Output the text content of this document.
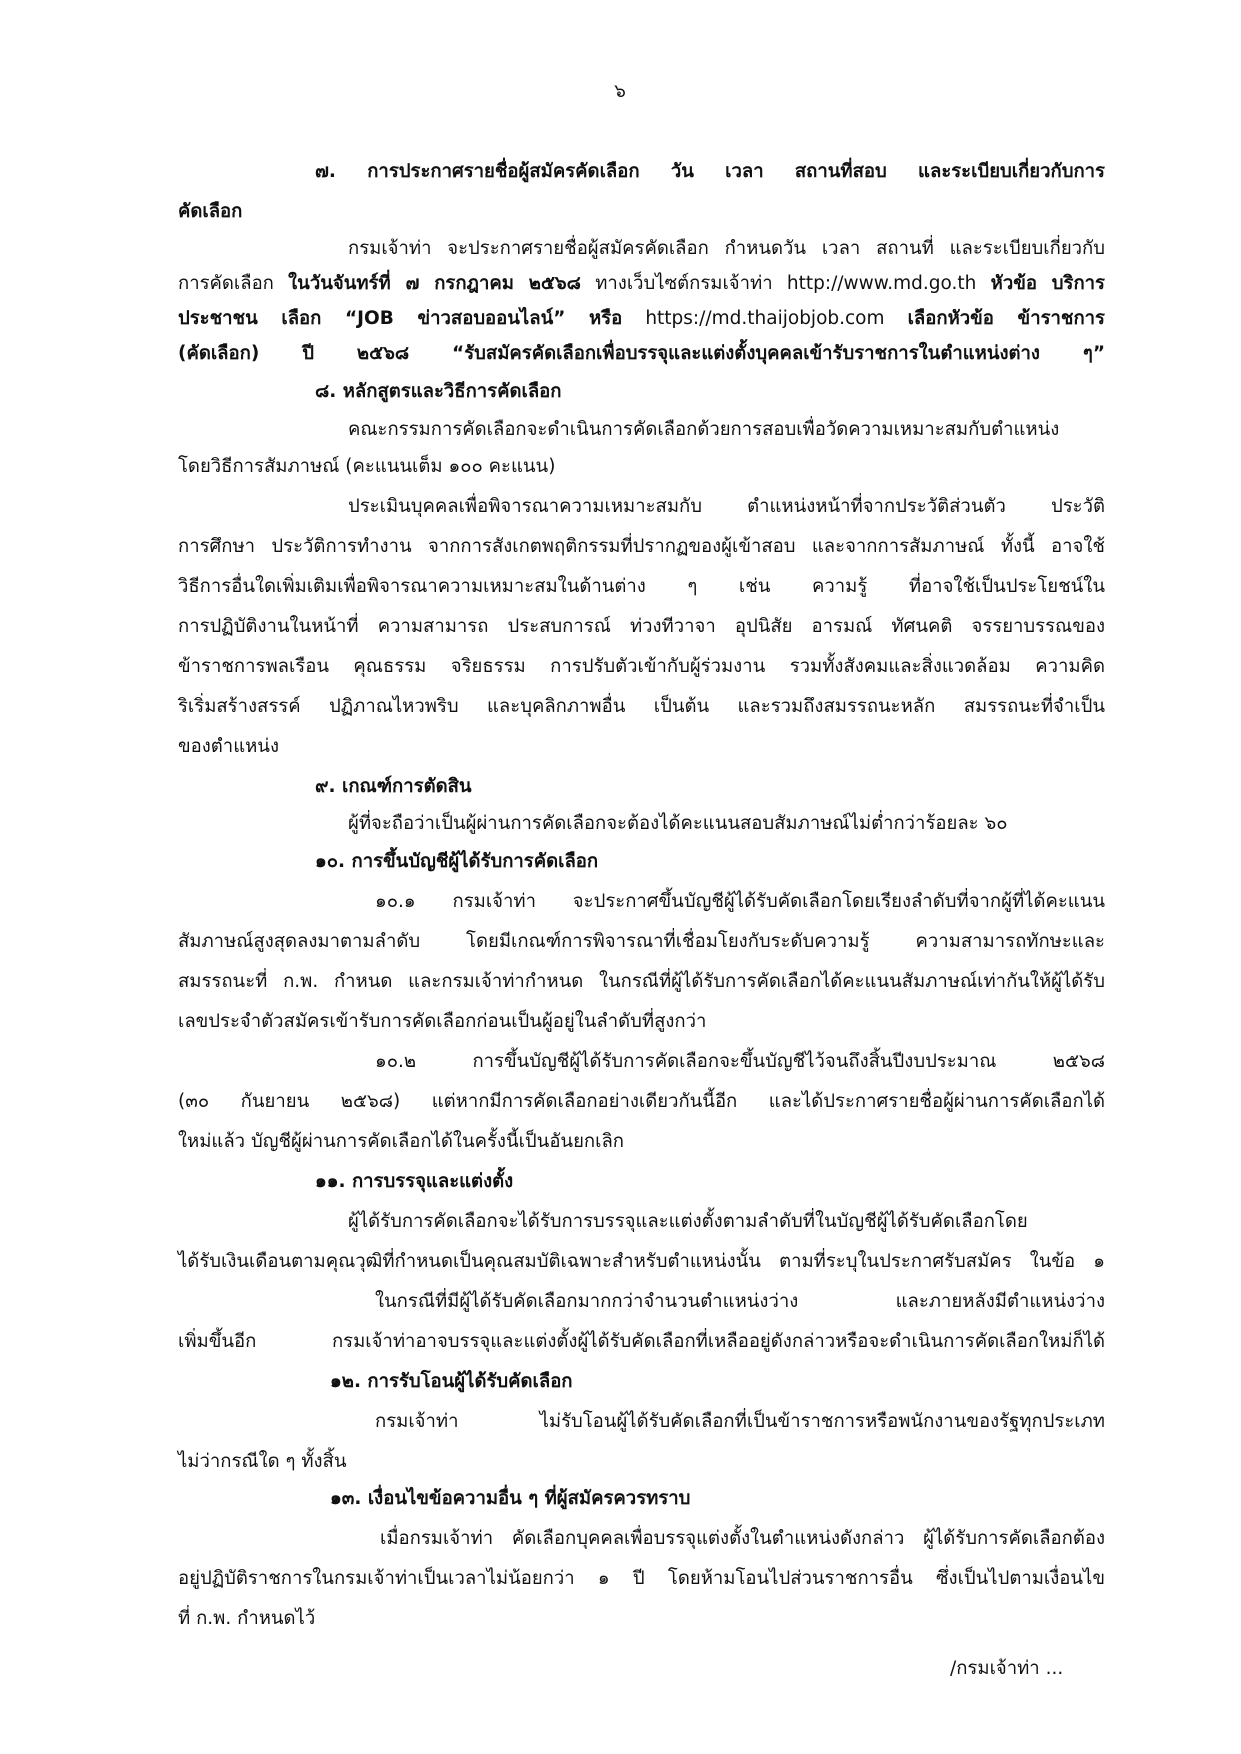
๖
๗. การประกาศรายชื่อผู้สมัครคัดเลือก วัน เวลา สถานที่สอบ และระเบียบเกี่ยวกับการ
คัดเลือก
กรมเจ้าท่า จะประกาศรายชื่อผู้สมัครคัดเลือก กำหนดวัน เวลา สถานที่ และระเบียบเกี่ยวกับ
การคัดเลือก ในวันจันทร์ที่ ๗ กรกฎาคม ๒๕๖๘ ทางเว็บไซต์กรมเจ้าท่า http://www.md.go.th หัวข้อ บริการ
ประชาชน เลือก “JOB ข่าวสอบออนไลน์” หรือ https://md.thaijobjob.com เลือกหัวข้อ ข้าราชการ
(คัดเลือก) ปี ๒๕๖๘ “รับสมัครคัดเลือกเพื่อบรรจุและแต่งตั้งบุคคลเข้ารับราชการในตำแหน่งต่าง ๆ”
๘. หลักสูตรและวิธีการคัดเลือก
คณะกรรมการคัดเลือกจะดำเนินการคัดเลือกด้วยการสอบเพื่อวัดความเหมาะสมกับตำแหน่ง
โดยวิธีการสัมภาษณ์ (คะแนนเต็ม ๑๐๐ คะแนน)
ประเมินบุคคลเพื่อพิจารณาความเหมาะสมกับ ตำแหน่งหน้าที่จากประวัติส่วนตัว ประวัติ
การศึกษา ประวัติการทำงาน จากการสังเกตพฤติกรรมที่ปรากฏของผู้เข้าสอบ และจากการสัมภาษณ์ ทั้งนี้ อาจใช้
วิธีการอื่นใดเพิ่มเติมเพื่อพิจารณาความเหมาะสมในด้านต่าง ๆ เช่น ความรู้ ที่อาจใช้เป็นประโยชน์ใน
การปฏิบัติงานในหน้าที่ ความสามารถ ประสบการณ์ ท่วงทีวาจา อุปนิสัย อารมณ์ ทัศนคติ จรรยาบรรณของ
ข้าราชการพลเรือน คุณธรรม จริยธรรม การปรับตัวเข้ากับผู้ร่วมงาน รวมทั้งสังคมและสิ่งแวดล้อม ความคิด
ริเริ่มสร้างสรรค์ ปฏิภาณไหวพริบ และบุคลิกภาพอื่น เป็นต้น และรวมถึงสมรรถนะหลัก สมรรถนะที่จำเป็น
ของตำแหน่ง
๙. เกณฑ์การตัดสิน
ผู้ที่จะถือว่าเป็นผู้ผ่านการคัดเลือกจะต้องได้คะแนนสอบสัมภาษณ์ไม่ต่ำกว่าร้อยละ ๖๐
๑๐. การขึ้นบัญชีผู้ได้รับการคัดเลือก
๑๐.๑ กรมเจ้าท่า จะประกาศขึ้นบัญชีผู้ได้รับคัดเลือกโดยเรียงลำดับที่จากผู้ที่ได้คะแนน
สัมภาษณ์สูงสุดลงมาตามลำดับ โดยมีเกณฑ์การพิจารณาที่เชื่อมโยงกับระดับความรู้ ความสามารถทักษะและ
สมรรถนะที่ ก.พ. กำหนด และกรมเจ้าท่ากำหนด ในกรณีที่ผู้ได้รับการคัดเลือกได้คะแนนสัมภาษณ์เท่ากันให้ผู้ได้รับ
เลขประจำตัวสมัครเข้ารับการคัดเลือกก่อนเป็นผู้อยู่ในลำดับที่สูงกว่า
๑๐.๒ การขึ้นบัญชีผู้ได้รับการคัดเลือกจะขึ้นบัญชีไว้จนถึงสิ้นปีงบประมาณ ๒๕๖๘
(๓๐ กันยายน ๒๕๖๘) แต่หากมีการคัดเลือกอย่างเดียวกันนี้อีก และได้ประกาศรายชื่อผู้ผ่านการคัดเลือกได้
ใหม่แล้ว บัญชีผู้ผ่านการคัดเลือกได้ในครั้งนี้เป็นอันยกเลิก
๑๑. การบรรจุและแต่งตั้ง
ผู้ได้รับการคัดเลือกจะได้รับการบรรจุและแต่งตั้งตามลำดับที่ในบัญชีผู้ได้รับคัดเลือกโดย
ได้รับเงินเดือนตามคุณวุฒิที่กำหนดเป็นคุณสมบัติเฉพาะสำหรับตำแหน่งนั้น ตามที่ระบุในประกาศรับสมัคร ในข้อ ๑
ในกรณีที่มีผู้ได้รับคัดเลือกมากกว่าจำนวนตำแหน่งว่าง และภายหลังมีตำแหน่งว่าง
เพิ่มขึ้นอีก กรมเจ้าท่าอาจบรรจุและแต่งตั้งผู้ได้รับคัดเลือกที่เหลืออยู่ดังกล่าวหรือจะดำเนินการคัดเลือกใหม่ก็ได้
๑๒. การรับโอนผู้ได้รับคัดเลือก
กรมเจ้าท่า ไม่รับโอนผู้ได้รับคัดเลือกที่เป็นข้าราชการหรือพนักงานของรัฐทุกประเภท
ไม่ว่ากรณีใด ๆ ทั้งสิ้น
๑๓. เงื่อนไขข้อความอื่น ๆ ที่ผู้สมัครควรทราบ
เมื่อกรมเจ้าท่า คัดเลือกบุคคลเพื่อบรรจุแต่งตั้งในตำแหน่งดังกล่าว ผู้ได้รับการคัดเลือกต้อง
อยู่ปฏิบัติราชการในกรมเจ้าท่าเป็นเวลาไม่น้อยกว่า ๑ ปี โดยห้ามโอนไปส่วนราชการอื่น ซึ่งเป็นไปตามเงื่อนไข
ที่ ก.พ. กำหนดไว้
/กรมเจ้าท่า ...
